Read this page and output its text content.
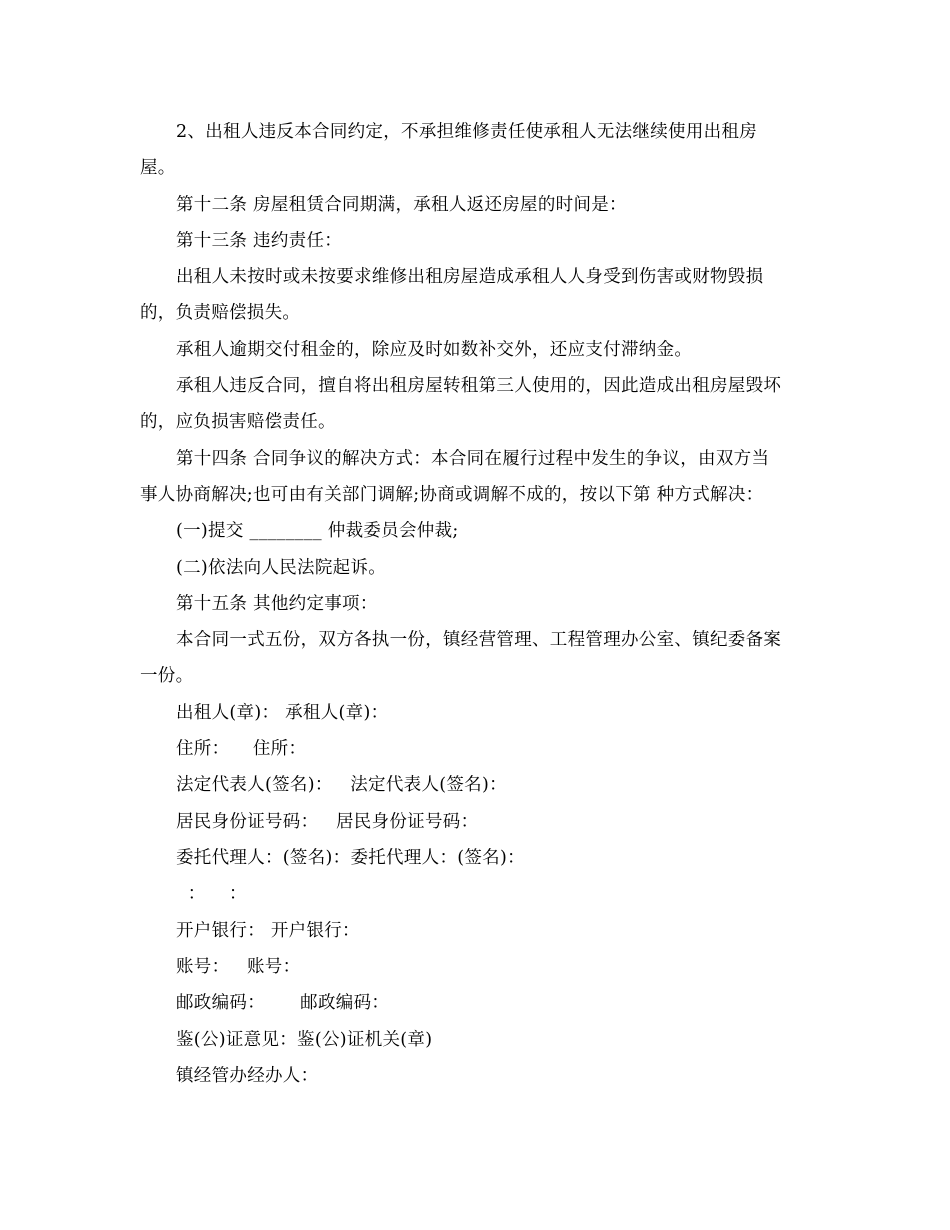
2、出租人违反本合同约定，不承担维修责任使承租人无法继续使用出租房
屋。
第十二条 房屋租赁合同期满，承租人返还房屋的时间是：
第十三条 违约责任：
出租人未按时或未按要求维修出租房屋造成承租人人身受到伤害或财物毁损
的，负责赔偿损失。
承租人逾期交付租金的，除应及时如数补交外，还应支付滞纳金。
承租人违反合同，擅自将出租房屋转租第三人使用的，因此造成出租房屋毁坏
的，应负损害赔偿责任。
第十四条 合同争议的解决方式：本合同在履行过程中发生的争议，由双方当
事人协商解决;也可由有关部门调解;协商或调解不成的，按以下第 种方式解决：
(一)提交 ________ 仲裁委员会仲裁;
(二)依法向人民法院起诉。
第十五条 其他约定事项：
本合同一式五份，双方各执一份，镇经营管理、工程管理办公室、镇纪委备案
一份。
出租人(章)： 承租人(章)：
住所：    住所：
法定代表人(签名)：   法定代表人(签名)：
居民身份证号码：   居民身份证号码：
委托代理人：(签名)：委托代理人：(签名)：
：    ：
开户银行： 开户银行：
账号：   账号：
邮政编码：      邮政编码：
鉴(公)证意见：鉴(公)证机关(章)
镇经管办经办人：
